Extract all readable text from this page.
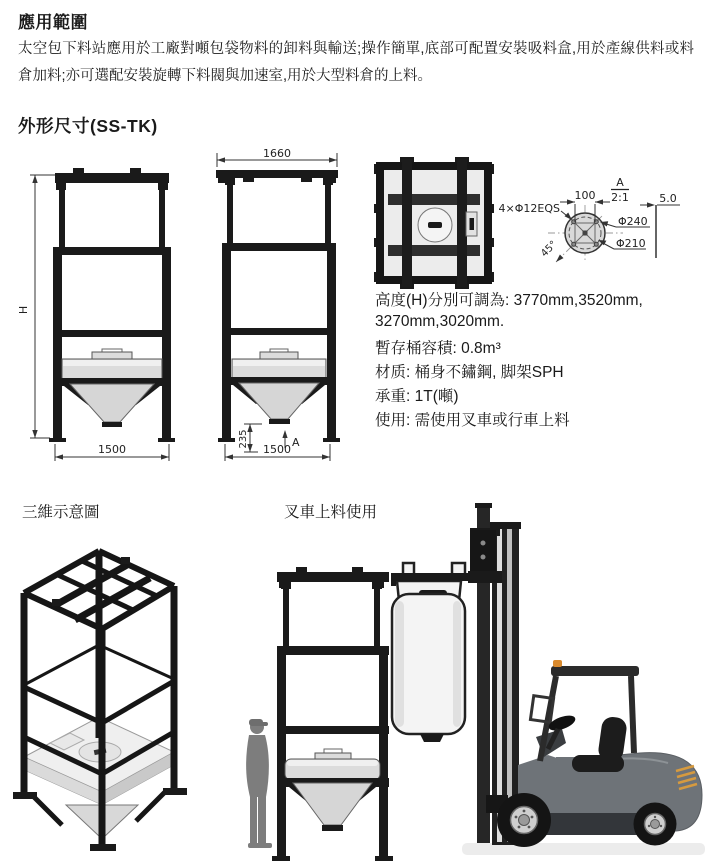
應用範圍
太空包下料站應用於工廠對噸包袋物料的卸料與輸送;操作簡單,底部可配置安裝吸料盒,用於產線供料或料倉加料;亦可選配安裝旋轉下料閥與加速室,用於大型料倉的上料。
外形尺寸(SS-TK)
H
1500
1660
235	A
1500
A
2:1
100
4×Φ12EQS
Φ240
Φ210
45°
5.0
高度(H)分別可調為: 3770mm,3520mm,
3270mm,3020mm.
暫存桶容積: 0.8m³
材质: 桶身不鏽鋼, 脚架SPH
承重: 1T(噸)
使用: 需使用叉車或行車上料
三維示意圖	叉車上料使用
